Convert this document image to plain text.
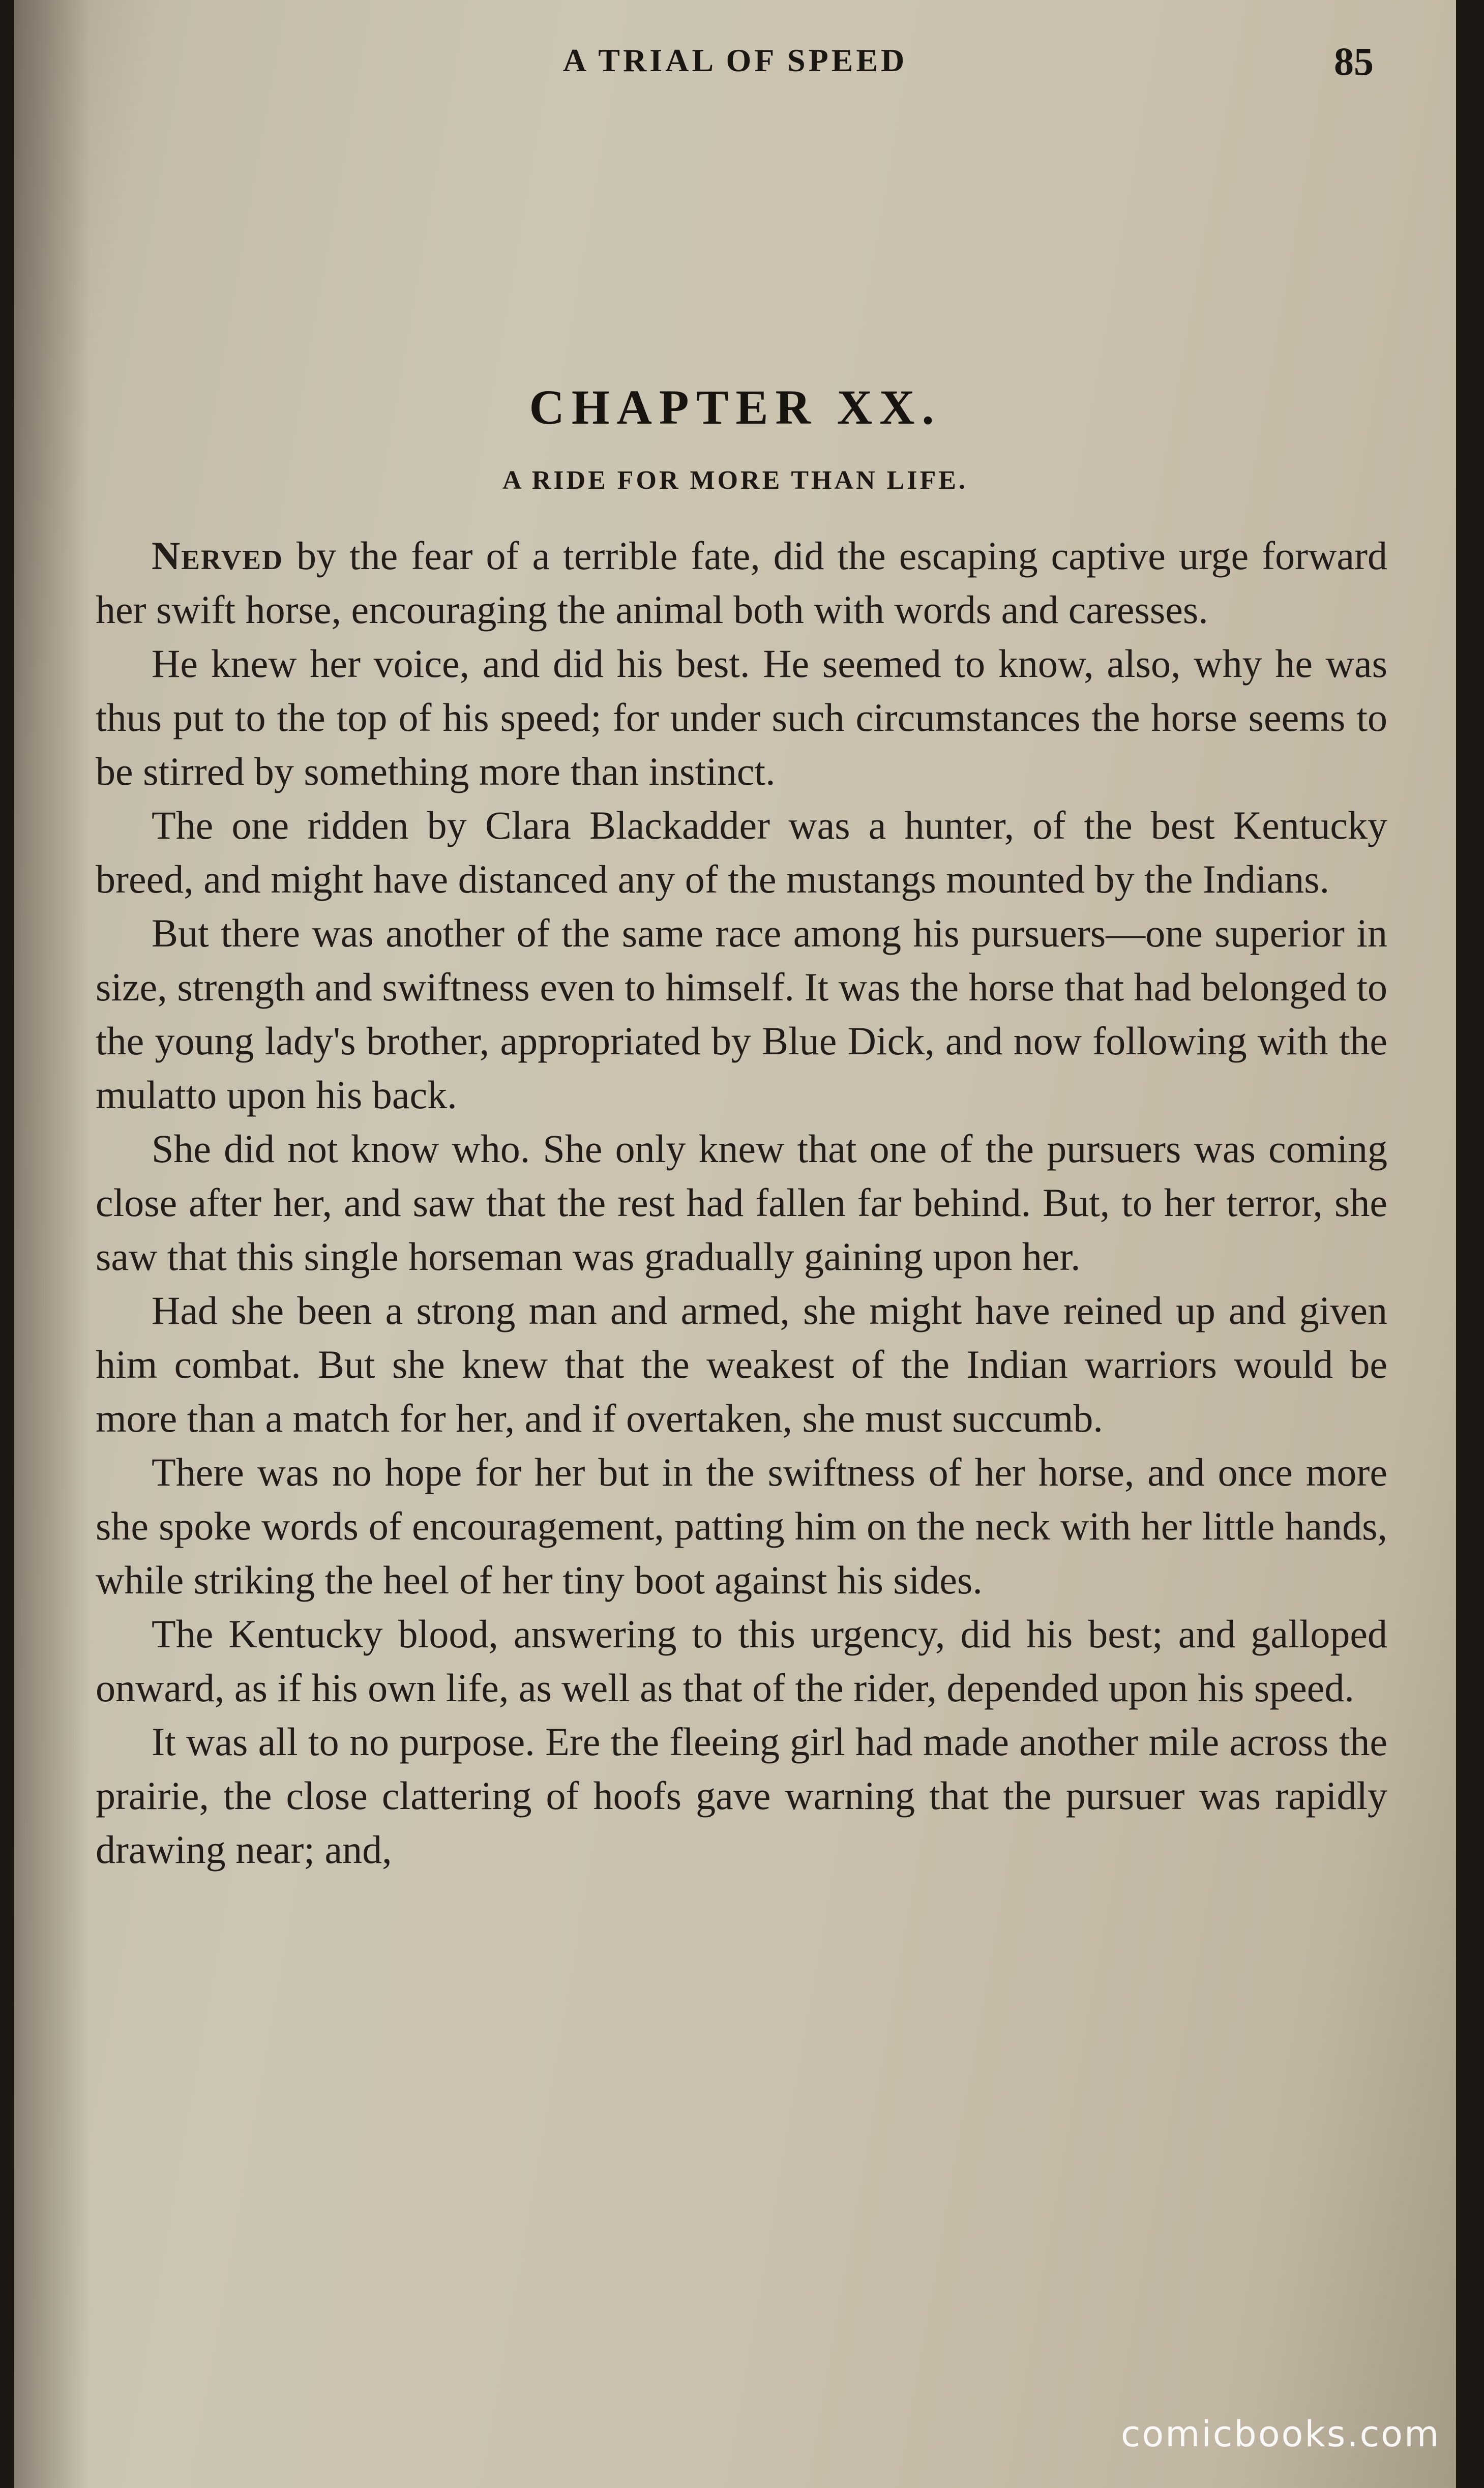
A TRIAL OF SPEED	85
CHAPTER XX.
A RIDE FOR MORE THAN LIFE.

Nerved by the fear of a terrible fate, did the escaping captive urge forward her swift horse, encouraging the animal both with words and caresses.

He knew her voice, and did his best. He seemed to know, also, why he was thus put to the top of his speed; for under such circumstances the horse seems to be stirred by something more than instinct.

The one ridden by Clara Blackadder was a hunter, of the best Kentucky breed, and might have distanced any of the mustangs mounted by the Indians.

But there was another of the same race among his pursuers—one superior in size, strength and swiftness even to himself. It was the horse that had belonged to the young lady's brother, appropriated by Blue Dick, and now following with the mulatto upon his back.

She did not know who. She only knew that one of the pursuers was coming close after her, and saw that the rest had fallen far behind. But, to her terror, she saw that this single horseman was gradually gaining upon her.

Had she been a strong man and armed, she might have reined up and given him combat. But she knew that the weakest of the Indian warriors would be more than a match for her, and if overtaken, she must succumb.

There was no hope for her but in the swiftness of her horse, and once more she spoke words of encouragement, patting him on the neck with her little hands, while striking the heel of her tiny boot against his sides.

The Kentucky blood, answering to this urgency, did his best; and galloped onward, as if his own life, as well as that of the rider, depended upon his speed.

It was all to no purpose. Ere the fleeing girl had made another mile across the prairie, the close clattering of hoofs gave warning that the pursuer was rapidly drawing near; and,

comicbooks.com
